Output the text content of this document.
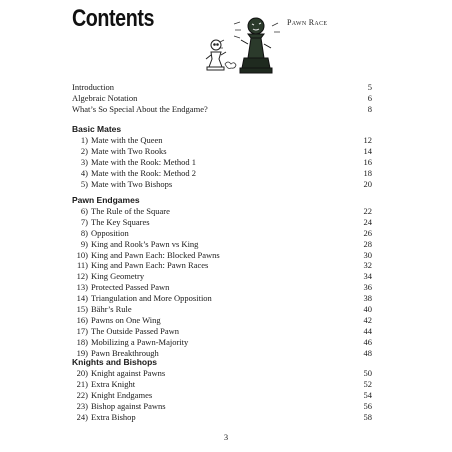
Contents	Pawn Race
Introduction	5
Algebraic Notation	6
What’s So Special About the Endgame?	8
Basic Mates
1) Mate with the Queen	12
2) Mate with Two Rooks	14
3) Mate with the Rook: Method 1	16
4) Mate with the Rook: Method 2	18
5) Mate with Two Bishops	20
Pawn Endgames
6) The Rule of the Square	22
7) The Key Squares	24
8) Opposition	26
9) King and Rook’s Pawn vs King	28
10) King and Pawn Each: Blocked Pawns	30
11) King and Pawn Each: Pawn Races	32
12) King Geometry	34
13) Protected Passed Pawn	36
14) Triangulation and More Opposition	38
15) Bähr’s Rule	40
16) Pawns on One Wing	42
17) The Outside Passed Pawn	44
18) Mobilizing a Pawn-Majority	46
19) Pawn Breakthrough	48
Knights and Bishops
20) Knight against Pawns	50
21) Extra Knight	52
22) Knight Endgames	54
23) Bishop against Pawns	56
24) Extra Bishop	58
3
